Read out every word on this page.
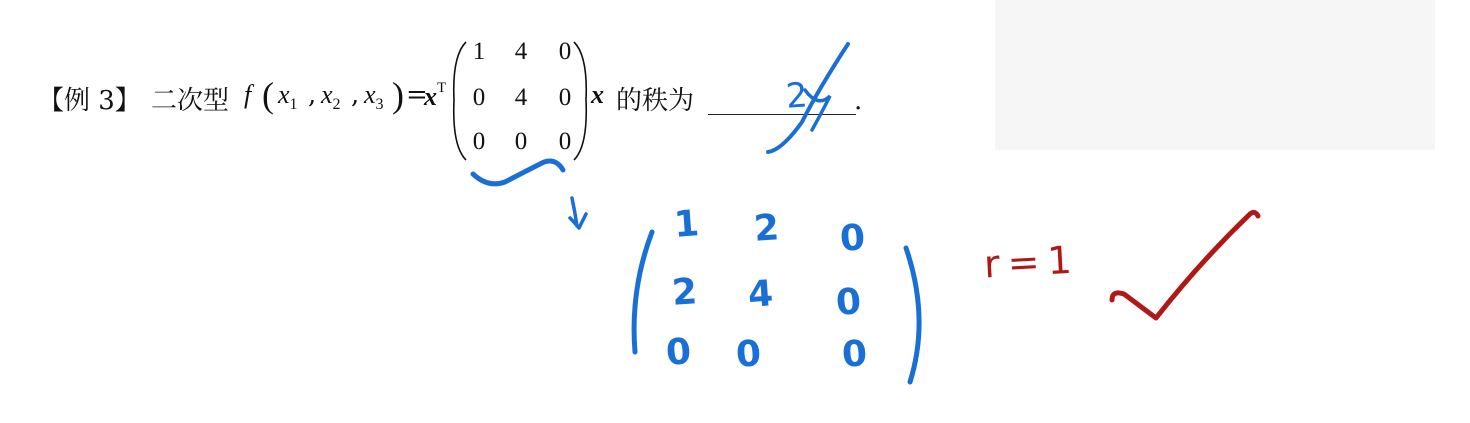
【例 3】 二次型 f ( $x_1$ , $x_2$ , $x_3$ ) =
$x^T$	x 的秩为
1	4	0
0	4	0
0	0	0
.
1 2 0
2 4 0
0 0 0
r=1
2
